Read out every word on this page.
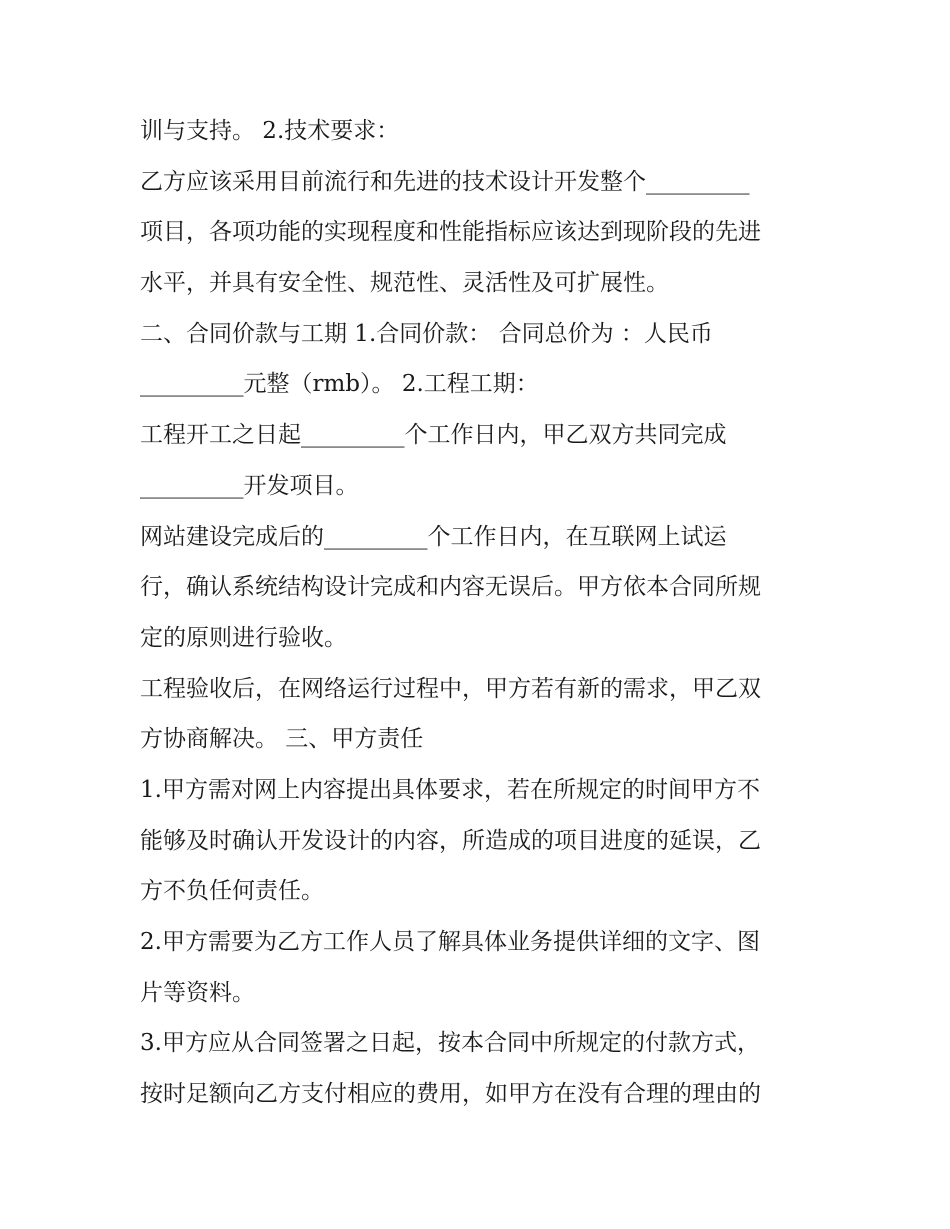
训与支持。 2.技术要求：
乙方应该采用目前流行和先进的技术设计开发整个_________
项目，各项功能的实现程度和性能指标应该达到现阶段的先进
水平，并具有安全性、规范性、灵活性及可扩展性。
二、合同价款与工期 1.合同价款： 合同总价为 ：人民币
_________元整（rmb）。 2.工程工期：
工程开工之日起_________个工作日内，甲乙双方共同完成
_________开发项目。
网站建设完成后的_________个工作日内，在互联网上试运
行，确认系统结构设计完成和内容无误后。甲方依本合同所规
定的原则进行验收。
工程验收后，在网络运行过程中，甲方若有新的需求，甲乙双
方协商解决。 三、甲方责任
1.甲方需对网上内容提出具体要求，若在所规定的时间甲方不
能够及时确认开发设计的内容，所造成的项目进度的延误，乙
方不负任何责任。
2.甲方需要为乙方工作人员了解具体业务提供详细的文字、图
片等资料。
3.甲方应从合同签署之日起，按本合同中所规定的付款方式，
按时足额向乙方支付相应的费用，如甲方在没有合理的理由的
